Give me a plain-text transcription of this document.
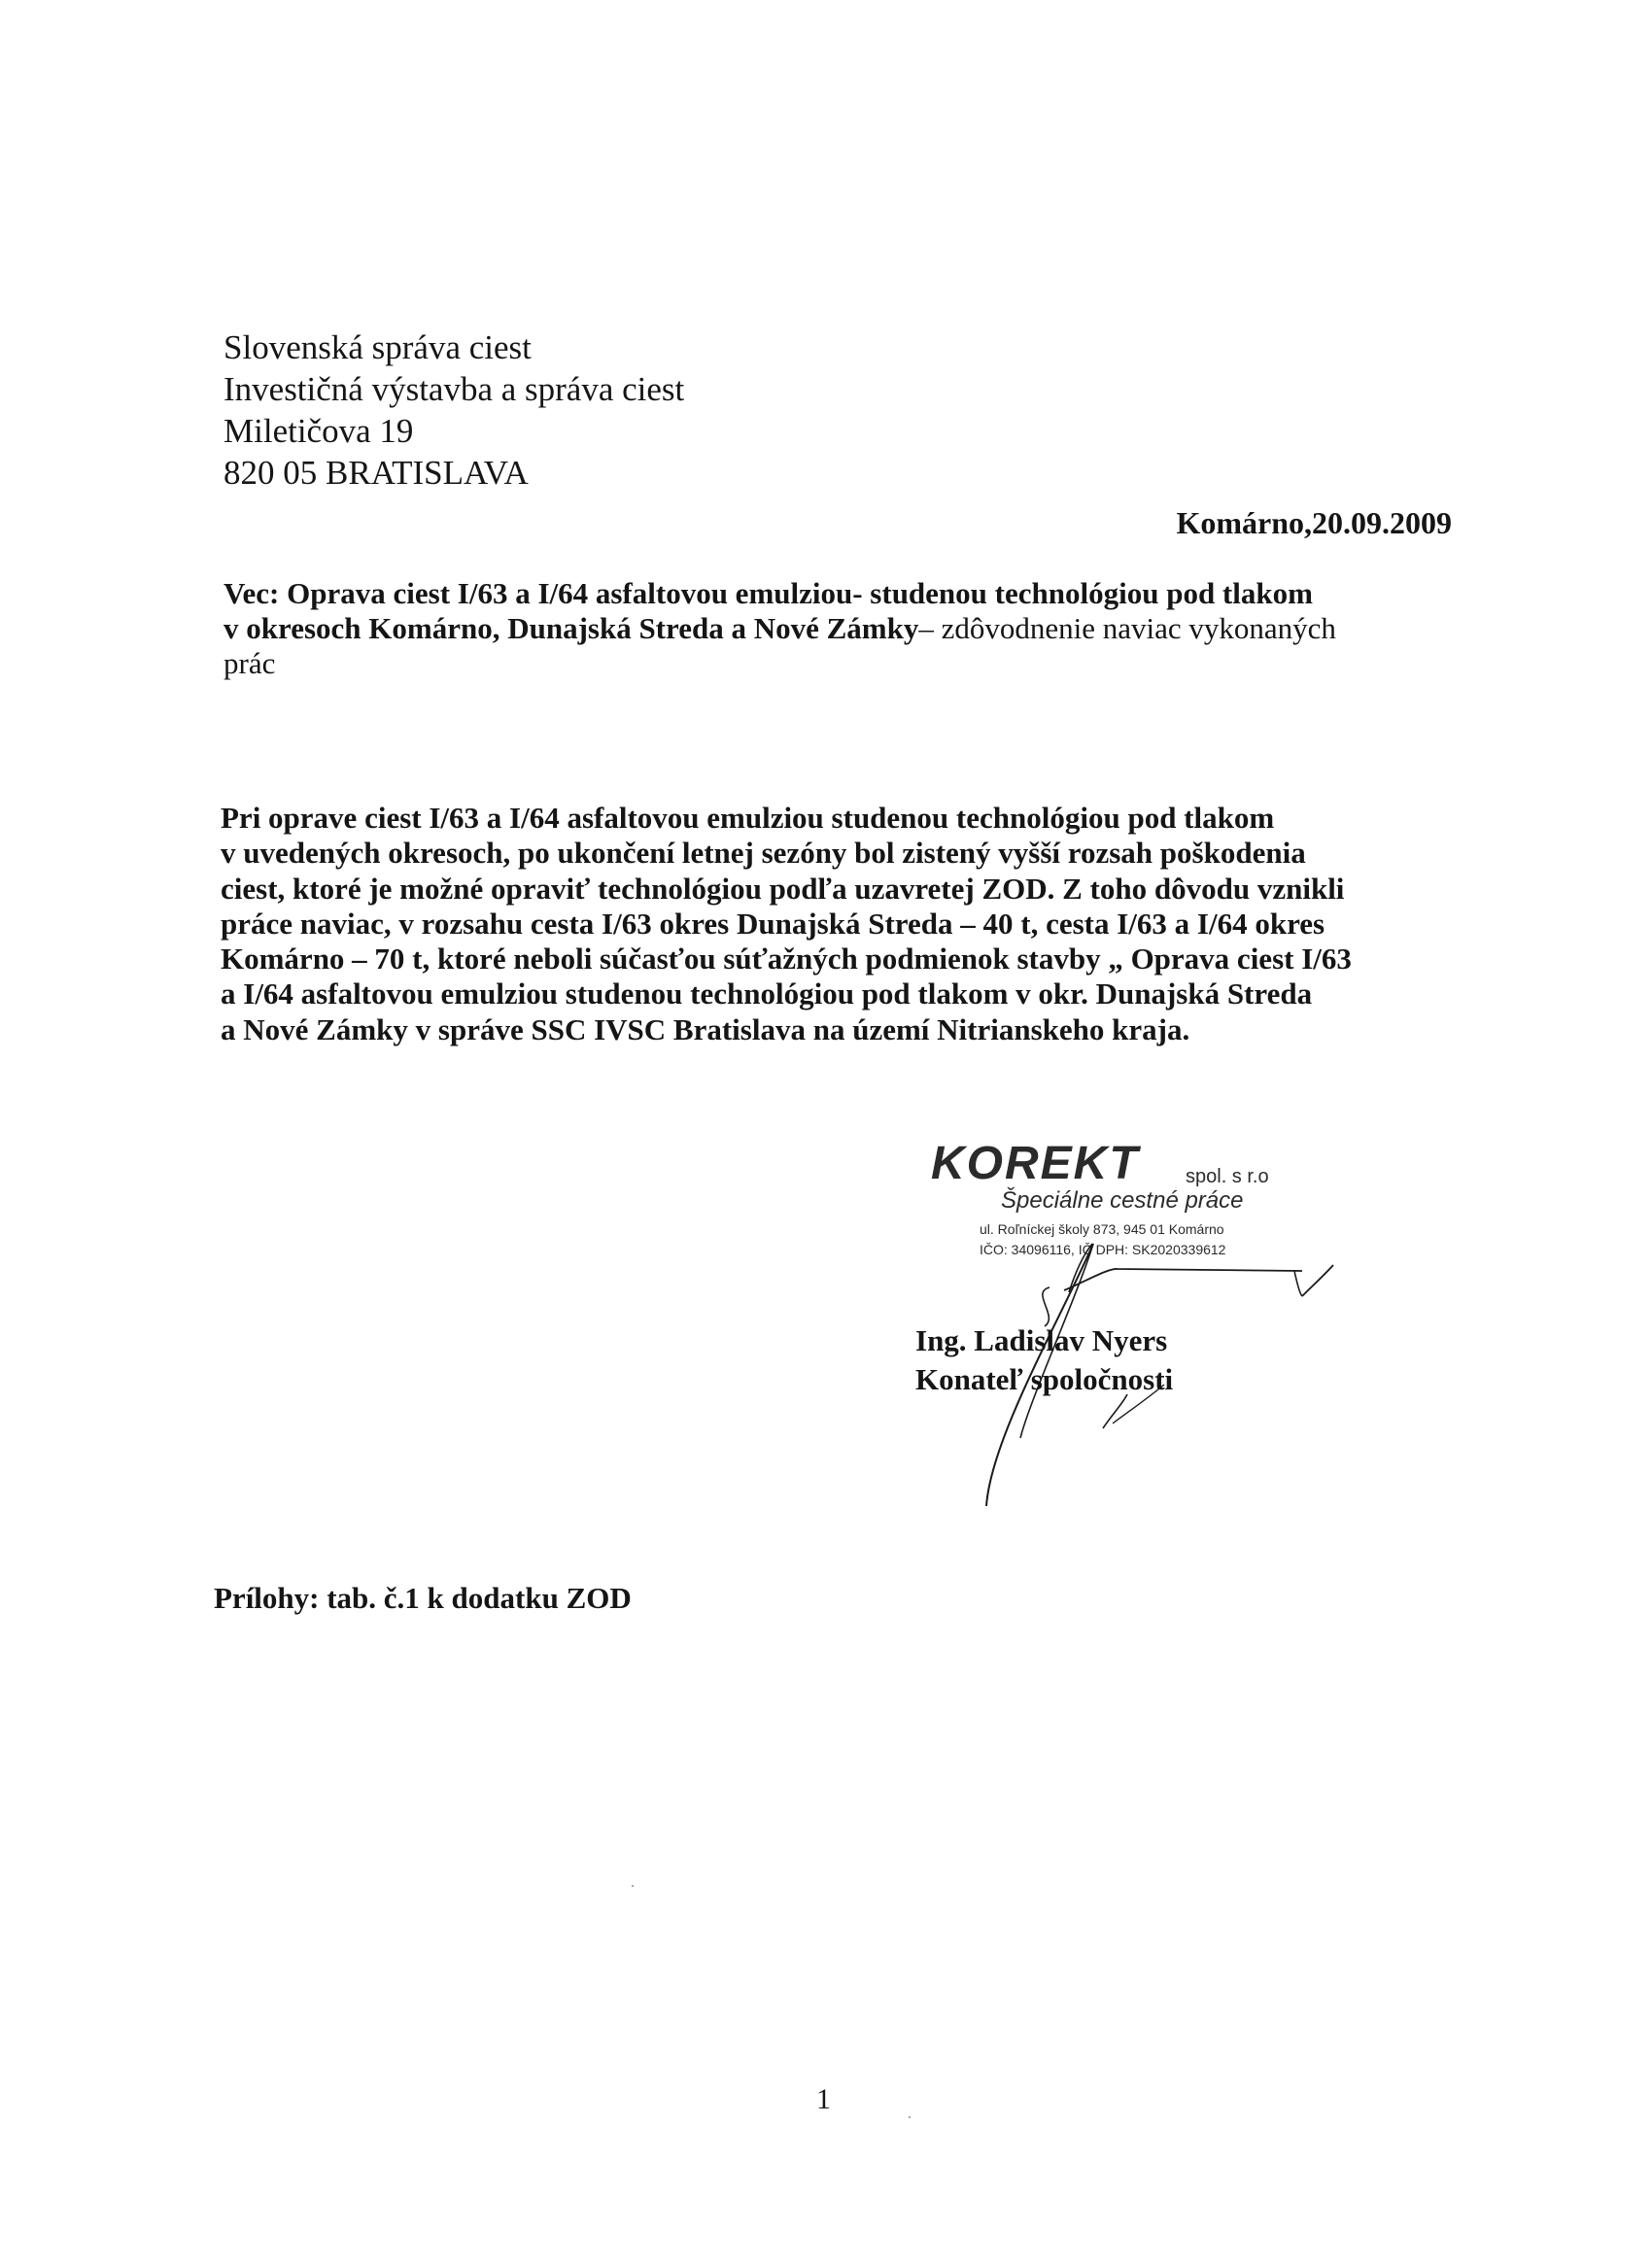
Slovenská správa ciest
Investičná výstavba a správa ciest
Miletičova 19
820 05 BRATISLAVA
Komárno,20.09.2009
Vec: Oprava ciest I/63 a I/64 asfaltovou emulziou- studenou technológiou pod tlakom
v okresoch Komárno, Dunajská Streda a Nové Zámky– zdôvodnenie naviac vykonaných
prác
Pri oprave ciest I/63 a I/64 asfaltovou emulziou studenou technológiou pod tlakom
v uvedených okresoch, po ukončení letnej sezóny bol zistený vyšší rozsah poškodenia
ciest, ktoré je možné opraviť technológiou podľa uzavretej ZOD. Z toho dôvodu vznikli
práce naviac, v rozsahu cesta I/63 okres Dunajská Streda – 40 t, cesta I/63 a I/64 okres
Komárno – 70 t, ktoré neboli súčasťou súťažných podmienok stavby „ Oprava ciest I/63
a I/64 asfaltovou emulziou studenou technológiou pod tlakom v okr. Dunajská Streda
a Nové Zámky v správe SSC IVSC Bratislava na území Nitrianskeho kraja.
KOREKT spol. s r.o
Špeciálne cestné práce
ul. Roľníckej školy 873, 945 01 Komárno
IČO: 34096116, IČ DPH: SK2020339612
Ing. Ladislav Nyers
Konateľ spoločnosti
Prílohy: tab. č.1 k dodatku ZOD
1
